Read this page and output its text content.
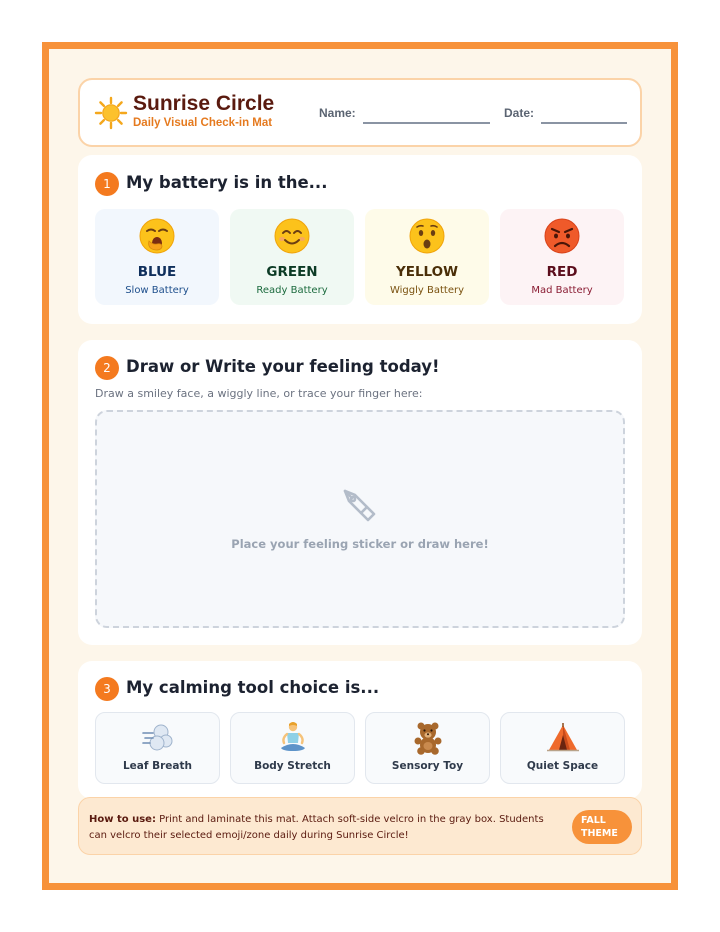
Sunrise Circle
Daily Visual Check-in Mat
Name:	Date:
1 My battery is in the...
BLUE
Slow Battery
GREEN
Ready Battery
YELLOW
Wiggly Battery
RED
Mad Battery
2 Draw or Write your feeling today!
Draw a smiley face, a wiggly line, or trace your finger here:
Place your feeling sticker or draw here!
3 My calming tool choice is...
Leaf Breath	Body Stretch	Sensory Toy	Quiet Space
How to use: Print and laminate this mat. Attach soft-side velcro in the gray box. Students can velcro their selected emoji/zone daily during Sunrise Circle!
FALL
THEME
